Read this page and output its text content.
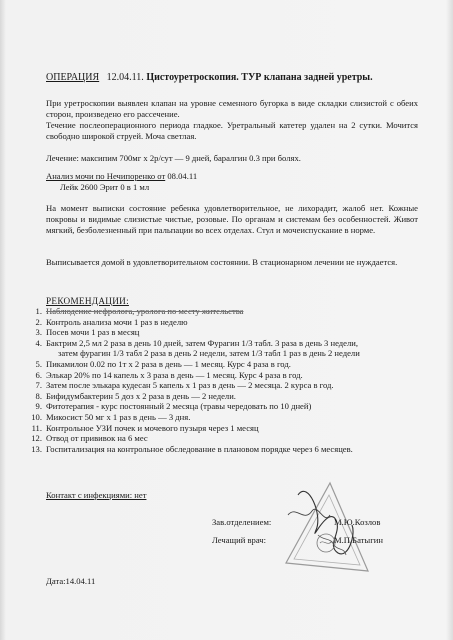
ОПЕРАЦИЯ 12.04.11. Цистоуретроскопия. ТУР клапана задней уретры.
При уретроскопии выявлен клапан на уровне семенного бугорка в виде складки слизистой с обеих сторон, произведено его рассечение.
Течение послеоперационного периода гладкое. Уретральный катетер удален на 2 сутки. Мочится свободно широкой струей. Моча светлая.
Лечение: максипим 700мг х 2р/сут — 9 дней, баралгин 0.3 при болях.
Анализ мочи по Нечипоренко от 08.04.11
Лейк 2600 Эрит 0 в 1 мл
На момент выписки состояние ребенка удовлетворительное, не лихорадит, жалоб нет. Кожные покровы и видимые слизистые чистые, розовые. По органам и системам без особенностей. Живот мягкий, безболезненный при пальпации во всех отделах. Стул и мочеиспускание в норме.
Выписывается домой в удовлетворительном состоянии. В стационарном лечении не нуждается.
РЕКОМЕНДАЦИИ:
1. Наблюдение нефролога, уролога по месту жительства
2. Контроль анализа мочи 1 раз в неделю
3. Посев мочи 1 раз в месяц
4. Бактрим 2,5 мл 2 раза в день 10 дней, затем Фурагин 1/3 табл. 3 раза в день 3 недели,
затем фурагин 1/3 табл 2 раза в день 2 недели, затем 1/3 табл 1 раз в день 2 недели
5. Пикамилон 0.02 по 1т х 2 раза в день — 1 месяц. Курс 4 раза в год.
6. Элькар 20% по 14 капель х 3 раза в день — 1 месяц. Курс 4 раза в год.
7. Затем после элькара кудесан 5 капель х 1 раз в день — 2 месяца. 2 курса в год.
8. Бифидумбактерин 5 доз х 2 раза в день — 2 недели.
9. Фитотерапия - курс постоянный 2 месяца (травы чередовать по 10 дней)
10. Микосист 50 мг х 1 раз в день — 3 дня.
11. Контрольное УЗИ почек и мочевого пузыря через 1 месяц
12. Отвод от прививок на 6 мес
13. Госпитализация на контрольное обследование в плановом порядке через 6 месяцев.
Контакт с инфекциями: нет
Зав.отделением:	М.Ю.Козлов
Лечащий врач:	М.П.Батыгин
Дата:14.04.11
